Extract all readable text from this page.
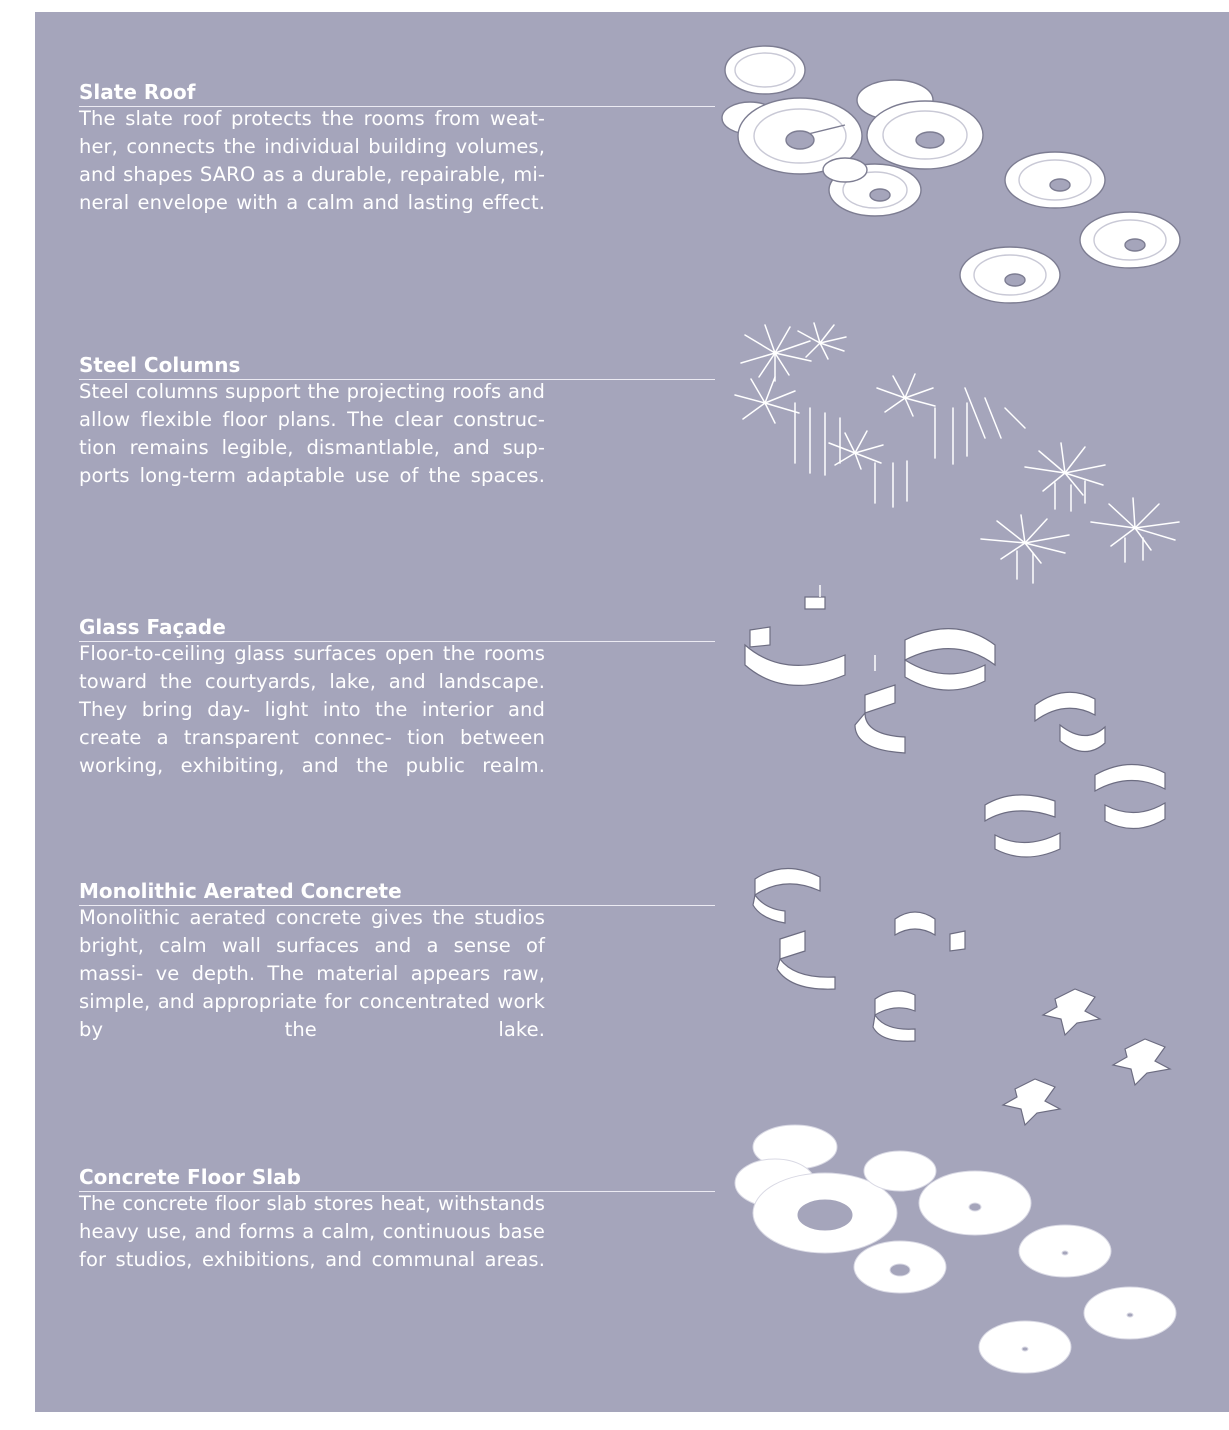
Slate Roof

The slate roof protects the rooms from weat- her, connects the individual building volumes, and shapes SARO as a durable, repairable, mi- neral envelope with a calm and lasting effect.

Steel Columns

Steel columns support the projecting roofs and allow flexible floor plans. The clear construc- tion remains legible, dismantlable, and sup- ports long-term adaptable use of the spaces.

Glass Façade

Floor-to-ceiling glass surfaces open the rooms toward the courtyards, lake, and landscape. They bring day- light into the interior and create a transparent connec- tion between working, exhibiting, and the public realm.

Monolithic Aerated Concrete

Monolithic aerated concrete gives the studios bright, calm wall surfaces and a sense of massi- ve depth. The material appears raw, simple, and appropriate for concentrated work by the lake.

Concrete Floor Slab

The concrete floor slab stores heat, withstands heavy use, and forms a calm, continuous base for studios, exhibitions, and communal areas.
